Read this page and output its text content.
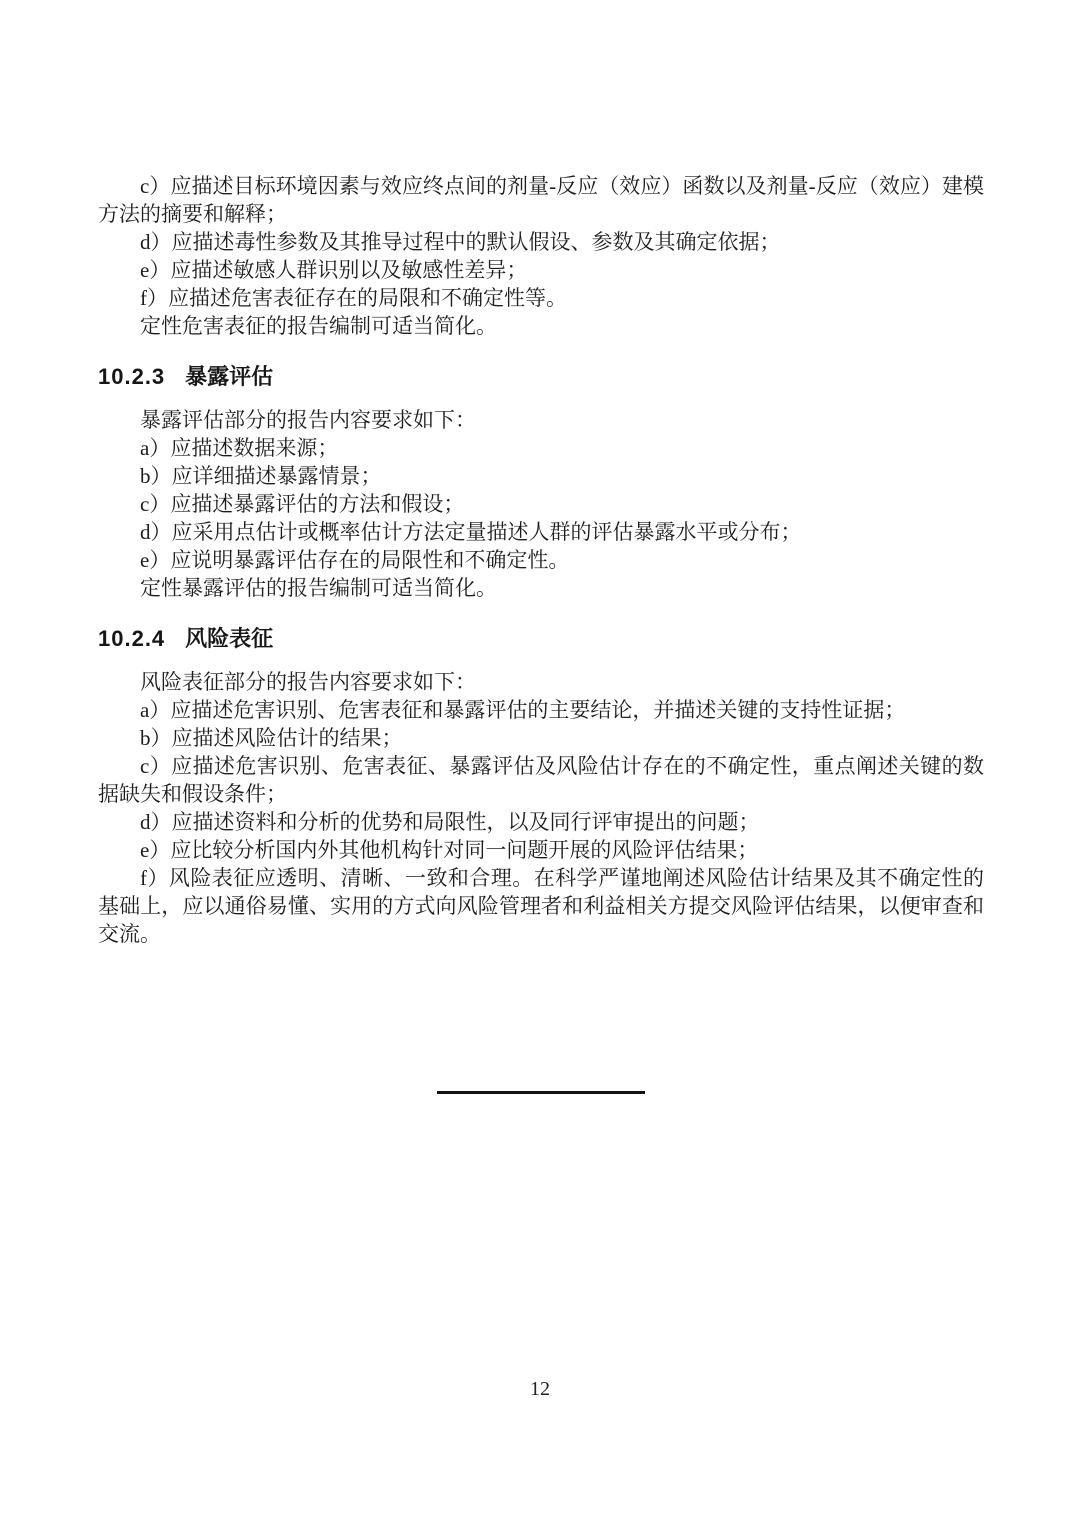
c）应描述目标环境因素与效应终点间的剂量-反应（效应）函数以及剂量-反应（效应）建模方法的摘要和解释；

d）应描述毒性参数及其推导过程中的默认假设、参数及其确定依据；

e）应描述敏感人群识别以及敏感性差异；

f）应描述危害表征存在的局限和不确定性等。

定性危害表征的报告编制可适当简化。

10.2.3 暴露评估

暴露评估部分的报告内容要求如下：

a）应描述数据来源；

b）应详细描述暴露情景；

c）应描述暴露评估的方法和假设；

d）应采用点估计或概率估计方法定量描述人群的评估暴露水平或分布；

e）应说明暴露评估存在的局限性和不确定性。

定性暴露评估的报告编制可适当简化。

10.2.4 风险表征

风险表征部分的报告内容要求如下：

a）应描述危害识别、危害表征和暴露评估的主要结论，并描述关键的支持性证据；

b）应描述风险估计的结果；

c）应描述危害识别、危害表征、暴露评估及风险估计存在的不确定性，重点阐述关键的数据缺失和假设条件；

d）应描述资料和分析的优势和局限性，以及同行评审提出的问题；

e）应比较分析国内外其他机构针对同一问题开展的风险评估结果；

f）风险表征应透明、清晰、一致和合理。在科学严谨地阐述风险估计结果及其不确定性的基础上，应以通俗易懂、实用的方式向风险管理者和利益相关方提交风险评估结果，以便审查和交流。

12
